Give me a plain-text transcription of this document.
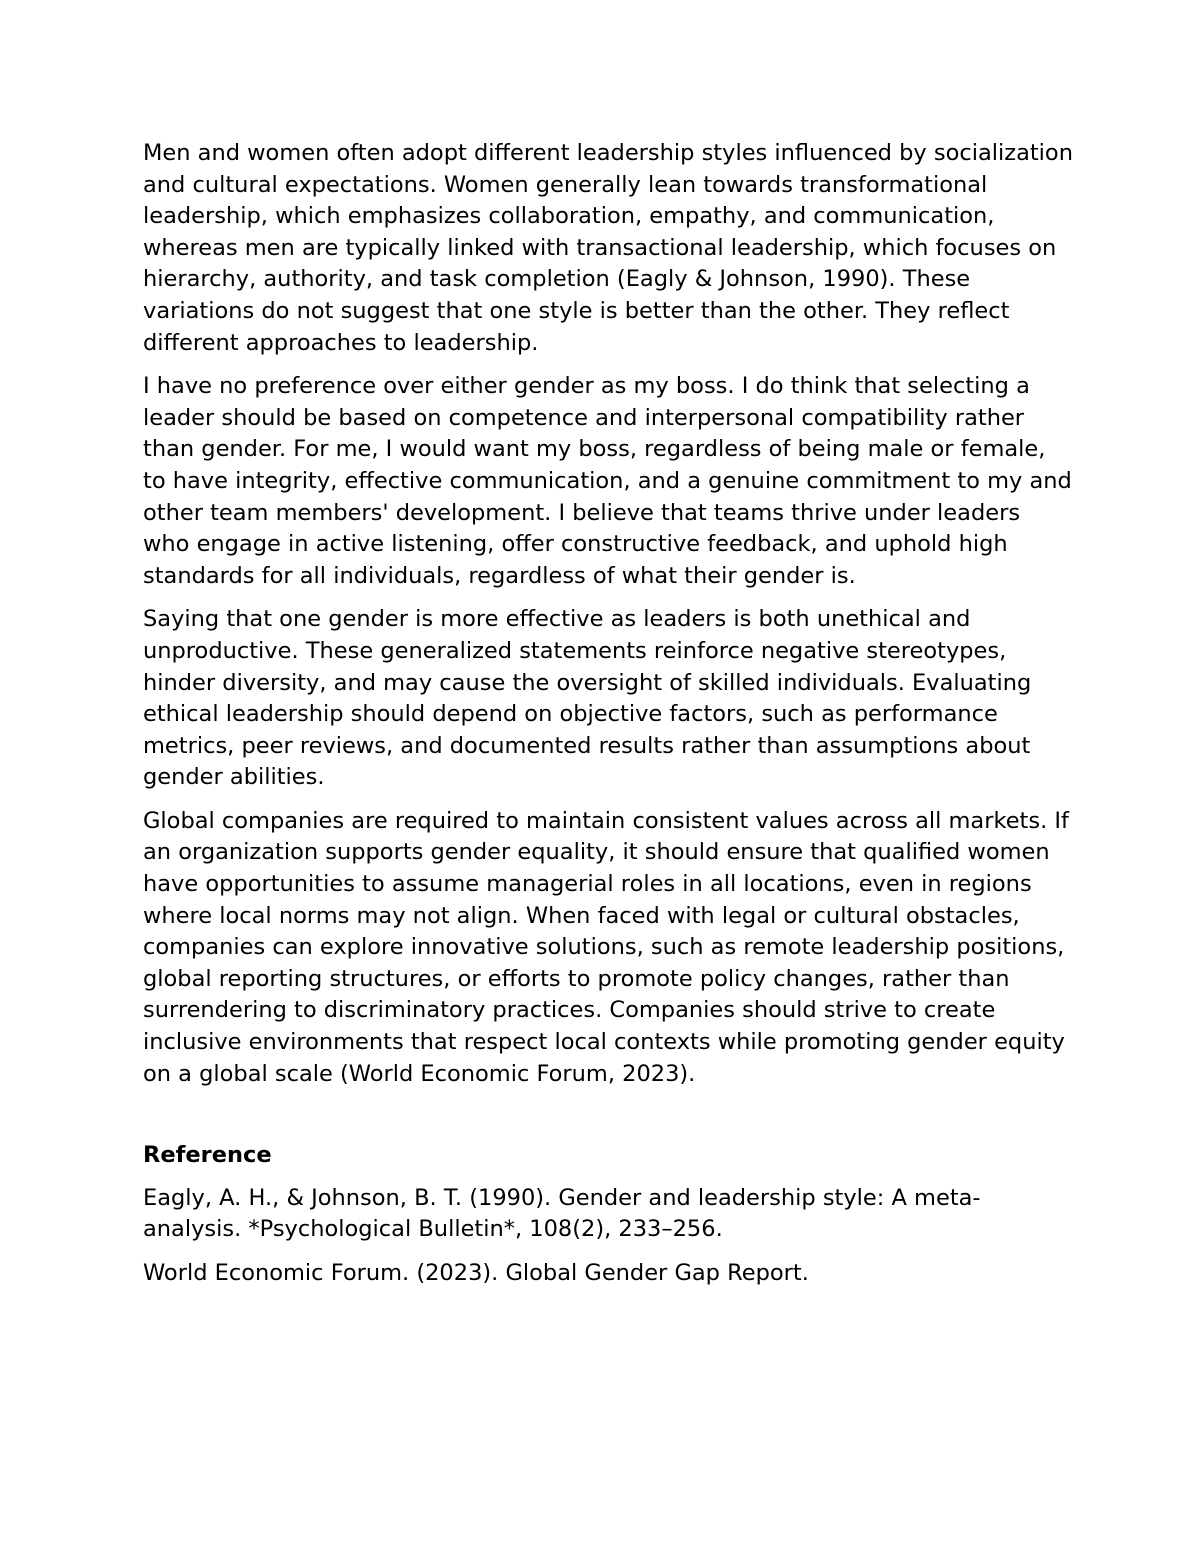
Men and women often adopt different leadership styles influenced by socialization and cultural expectations. Women generally lean towards transformational leadership, which emphasizes collaboration, empathy, and communication, whereas men are typically linked with transactional leadership, which focuses on hierarchy, authority, and task completion (Eagly & Johnson, 1990). These variations do not suggest that one style is better than the other. They reflect different approaches to leadership.

I have no preference over either gender as my boss. I do think that selecting a leader should be based on competence and interpersonal compatibility rather than gender. For me, I would want my boss, regardless of being male or female, to have integrity, effective communication, and a genuine commitment to my and other team members' development. I believe that teams thrive under leaders who engage in active listening, offer constructive feedback, and uphold high standards for all individuals, regardless of what their gender is.

Saying that one gender is more effective as leaders is both unethical and unproductive. These generalized statements reinforce negative stereotypes, hinder diversity, and may cause the oversight of skilled individuals. Evaluating ethical leadership should depend on objective factors, such as performance metrics, peer reviews, and documented results rather than assumptions about gender abilities.

Global companies are required to maintain consistent values across all markets. If an organization supports gender equality, it should ensure that qualified women have opportunities to assume managerial roles in all locations, even in regions where local norms may not align. When faced with legal or cultural obstacles, companies can explore innovative solutions, such as remote leadership positions, global reporting structures, or efforts to promote policy changes, rather than surrendering to discriminatory practices. Companies should strive to create inclusive environments that respect local contexts while promoting gender equity on a global scale (World Economic Forum, 2023).

Reference

Eagly, A. H., & Johnson, B. T. (1990). Gender and leadership style: A meta-analysis. *Psychological Bulletin*, 108(2), 233–256.

World Economic Forum. (2023). Global Gender Gap Report.
